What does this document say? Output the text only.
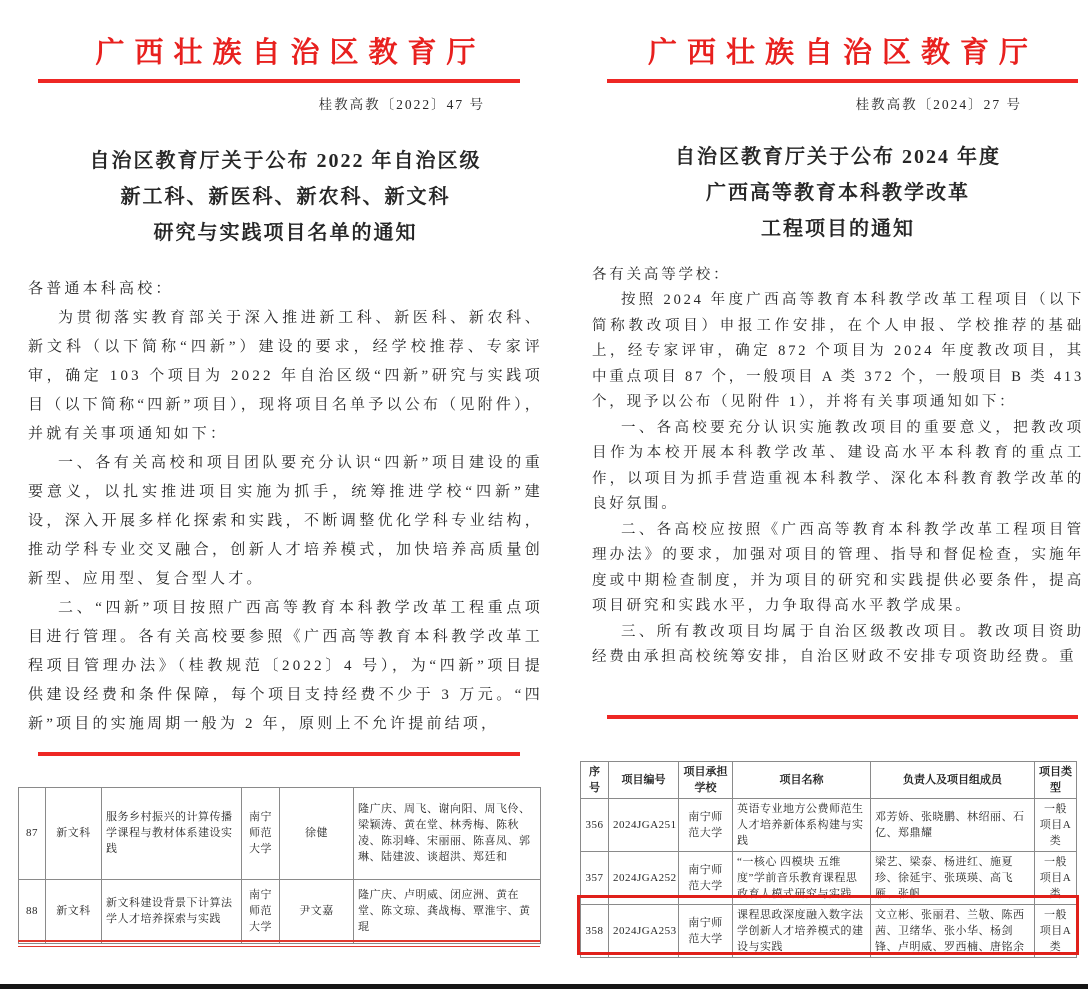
广西壮族自治区教育厅
桂教高教〔2022〕47 号
自治区教育厅关于公布 2022 年自治区级
新工科、新医科、新农科、新文科
研究与实践项目名单的通知

各普通本科高校：

为贯彻落实教育部关于深入推进新工科、新医科、新农科、新文科（以下简称“四新”）建设的要求，经学校推荐、专家评审，确定 103 个项目为 2022 年自治区级“四新”研究与实践项目（以下简称“四新”项目），现将项目名单予以公布（见附件），并就有关事项通知如下：

一、各有关高校和项目团队要充分认识“四新”项目建设的重要意义，以扎实推进项目实施为抓手，统筹推进学校“四新”建设，深入开展多样化探索和实践，不断调整优化学科专业结构，推动学科专业交叉融合，创新人才培养模式，加快培养高质量创新型、应用型、复合型人才。

二、“四新”项目按照广西高等教育本科教学改革工程重点项目进行管理。各有关高校要参照《广西高等教育本科教学改革工程项目管理办法》（桂教规范〔2022〕4 号），为“四新”项目提供建设经费和条件保障，每个项目支持经费不少于 3 万元。“四新”项目的实施周期一般为 2 年，原则上不允许提前结项，

87	新文科	服务乡村振兴的计算传播学课程与教材体系建设实践	南宁师范大学	徐健	隆广庆、周飞、谢向阳、周飞伶、梁颖涛、黄在堂、林秀梅、陈秋凌、陈羽峰、宋丽丽、陈喜凤、郭琳、陆建波、谈超洪、郑廷和
88	新文科	新文科建设背景下计算法学人才培养探索与实践	南宁师范大学	尹文嘉	隆广庆、卢明威、闭应洲、黄在堂、陈文琼、龚战梅、覃淮宇、黄琨
广西壮族自治区教育厅
桂教高教〔2024〕27 号
自治区教育厅关于公布 2024 年度
广西高等教育本科教学改革
工程项目的通知

各有关高等学校：

按照 2024 年度广西高等教育本科教学改革工程项目（以下简称教改项目）申报工作安排，在个人申报、学校推荐的基础上，经专家评审，确定 872 个项目为 2024 年度教改项目，其中重点项目 87 个，一般项目 A 类 372 个，一般项目 B 类 413 个，现予以公布（见附件 1），并将有关事项通知如下：

一、各高校要充分认识实施教改项目的重要意义，把教改项目作为本校开展本科教学改革、建设高水平本科教育的重点工作，以项目为抓手营造重视本科教学、深化本科教育教学改革的良好氛围。

二、各高校应按照《广西高等教育本科教学改革工程项目管理办法》的要求，加强对项目的管理、指导和督促检查，实施年度或中期检查制度，并为项目的研究和实践提供必要条件，提高项目研究和实践水平，力争取得高水平教学成果。

三、所有教改项目均属于自治区级教改项目。教改项目资助经费由承担高校统筹安排，自治区财政不安排专项资助经费。重

序号	项目编号	项目承担学校	项目名称	负责人及项目组成员	项目类型
356	2024JGA251	南宁师范大学	英语专业地方公费师范生人才培养新体系构建与实践	邓芳娇、张晓鹏、林绍丽、石亿、郑鼎耀	一般项目A类
357	2024JGA252	南宁师范大学	“一核心 四模块 五维度”学前音乐教育课程思政育人模式研究与实践	梁艺、梁泰、杨进红、施夏珍、徐延宇、张瑛瑛、高飞雁、张帆	一般项目A类
358	2024JGA253	南宁师范大学	课程思政深度融入数字法学创新人才培养模式的建设与实践	文立彬、张丽君、兰敬、陈西茜、卫绪华、张小华、杨剑锋、卢明威、罗西楠、唐铭余	一般项目A类
